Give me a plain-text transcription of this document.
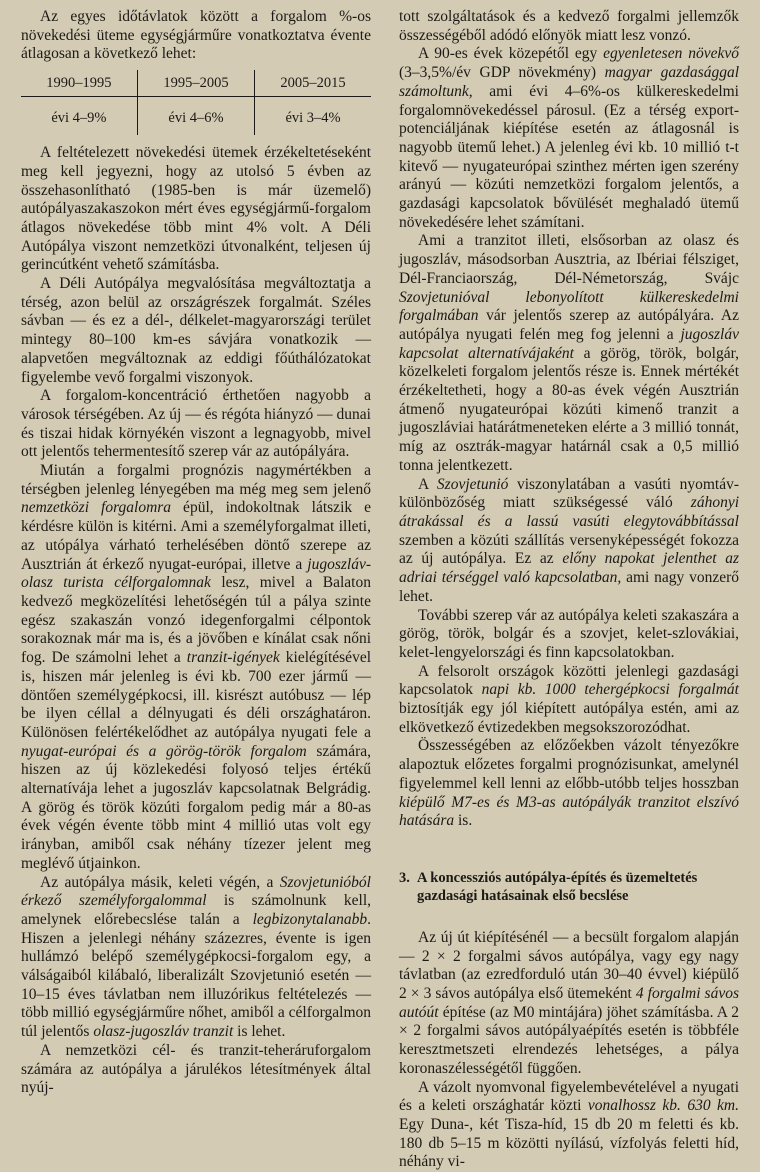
Az egyes időtávlatok között a forgalom %-os növekedési üteme egységjárműre vonatkoztatva évente átlagosan a következő lehet:

1990–1995	1995–2005	2005–2015
évi 4–9%	évi 4–6%	évi 3–4%

A feltételezett növekedési ütemek érzékeltetéseként meg kell jegyezni, hogy az utolsó 5 évben az összehasonlítható (1985-ben is már üzemelő) autópályaszakaszokon mért éves egységjármű-forgalom átlagos növekedése több mint 4% volt. A Déli Autópálya viszont nemzetközi útvonalként, teljesen új gerincútként vehető számításba.

A Déli Autópálya megvalósítása megváltoztatja a térség, azon belül az országrészek forgalmát. Széles sávban — és ez a dél-, délkelet-magyarországi terület mintegy 80–100 km-es sávjára vonatkozik — alapvetően megváltoznak az eddigi főúthálózatokat figyelembe vevő forgalmi viszonyok.

A forgalom-koncentráció érthetően nagyobb a városok térségében. Az új — és régóta hiányzó — dunai és tiszai hidak környékén viszont a legnagyobb, mivel ott jelentős tehermentesítő szerep vár az autópályára.

Miután a forgalmi prognózis nagymértékben a térségben jelenleg lényegében ma még meg sem jelenő nemzetközi forgalomra épül, indokoltnak látszik e kérdésre külön is kitérni. Ami a személyforgalmat illeti, az utópálya várható terhelésében döntő szerepe az Ausztrián át érkező nyugat-európai, illetve a jugoszláv-olasz turista célforgalomnak lesz, mivel a Balaton kedvező megközelítési lehetőségén túl a pálya szinte egész szakaszán vonzó idegenforgalmi célpontok sorakoznak már ma is, és a jövőben e kínálat csak nőni fog. De számolni lehet a tranzit-igények kielégítésével is, hiszen már jelenleg is évi kb. 700 ezer jármű — döntően személygépkocsi, ill. kisrészt autóbusz — lép be ilyen céllal a délnyugati és déli országhatáron. Különösen felértékelődhet az autópálya nyugati fele a nyugat-európai és a görög-török forgalom számára, hiszen az új közlekedési folyosó teljes értékű alternatívája lehet a jugoszláv kapcsolatnak Belgrádig. A görög és török közúti forgalom pedig már a 80-as évek végén évente több mint 4 millió utas volt egy irányban, amiből csak néhány tízezer jelent meg meglévő útjainkon.

Az autópálya másik, keleti végén, a Szovjetunióból érkező személyforgalommal is számolnunk kell, amelynek előrebecslése talán a legbizonytalanabb. Hiszen a jelenlegi néhány százezres, évente is igen hullámzó belépő személygépkocsi-forgalom egy, a válságaiból kilábaló, liberalizált Szovjetunió esetén — 10–15 éves távlatban nem illuzórikus feltételezés — több millió egységjárműre nőhet, amiből a célforgalmon túl jelentős olasz-jugoszláv tranzit is lehet.

A nemzetközi cél- és tranzit-teheráruforgalom számára az autópálya a járulékos létesítmények által nyúj-

tott szolgáltatások és a kedvező forgalmi jellemzők összességéből adódó előnyök miatt lesz vonzó.

A 90-es évek közepétől egy egyenletesen növekvő (3–3,5%/év GDP növekmény) magyar gazdasággal számoltunk, ami évi 4–6%-os külkereskedelmi forgalomnövekedéssel párosul. (Ez a térség export-potenciáljának kiépítése esetén az átlagosnál is nagyobb ütemű lehet.) A jelenleg évi kb. 10 millió t-t kitevő — nyugateurópai szinthez mérten igen szerény arányú — közúti nemzetközi forgalom jelentős, a gazdasági kapcsolatok bővülését meghaladó ütemű növekedésére lehet számítani.

Ami a tranzitot illeti, elsősorban az olasz és jugoszláv, másodsorban Ausztria, az Ibériai félsziget, Dél-Franciaország, Dél-Németország, Svájc Szovjetunióval lebonyolított külkereskedelmi forgalmában vár jelentős szerep az autópályára. Az autópálya nyugati felén meg fog jelenni a jugoszláv kapcsolat alternatívájaként a görög, török, bolgár, közelkeleti forgalom jelentős része is. Ennek mértékét érzékeltetheti, hogy a 80-as évek végén Ausztrián átmenő nyugateurópai közúti kimenő tranzit a jugoszláviai határátmeneteken elérte a 3 millió tonnát, míg az osztrák-magyar határnál csak a 0,5 millió tonna jelentkezett.

A Szovjetunió viszonylatában a vasúti nyomtáv-különbözőség miatt szükségessé váló záhonyi átrakással és a lassú vasúti elegytovábbítással szemben a közúti szállítás versenyképességét fokozza az új autópálya. Ez az előny napokat jelenthet az adriai térséggel való kapcsolatban, ami nagy vonzerő lehet.

További szerep vár az autópálya keleti szakaszára a görög, török, bolgár és a szovjet, kelet-szlovákiai, kelet-lengyelországi és finn kapcsolatokban.

A felsorolt országok közötti jelenlegi gazdasági kapcsolatok napi kb. 1000 tehergépkocsi forgalmát biztosítják egy jól kiépített autópálya estén, ami az elkövetkező évtizedekben megsokszorozódhat.

Összességében az előzőekben vázolt tényezőkre alapoztuk előzetes forgalmi prognózisunkat, amelynél figyelemmel kell lenni az előbb-utóbb teljes hosszban kiépülő M7-es és M3-as autópályák tranzitot elszívó hatására is.

3. A koncessziós autópálya-építés és üzemeltetés gazdasági hatásainak első becslése

Az új út kiépítésénél — a becsült forgalom alapján — 2 × 2 forgalmi sávos autópálya, vagy egy nagy távlatban (az ezredforduló után 30–40 évvel) kiépülő 2 × 3 sávos autópálya első ütemeként 4 forgalmi sávos autóút építése (az M0 mintájára) jöhet számításba. A 2 × 2 forgalmi sávos autópályaépítés esetén is többféle keresztmetszeti elrendezés lehetséges, a pálya koronaszélességétől függően.

A vázolt nyomvonal figyelembevételével a nyugati és a keleti országhatár közti vonalhossz kb. 630 km. Egy Duna-, két Tisza-híd, 15 db 20 m feletti és kb. 180 db 5–15 m közötti nyílású, vízfolyás feletti híd, néhány vi-
